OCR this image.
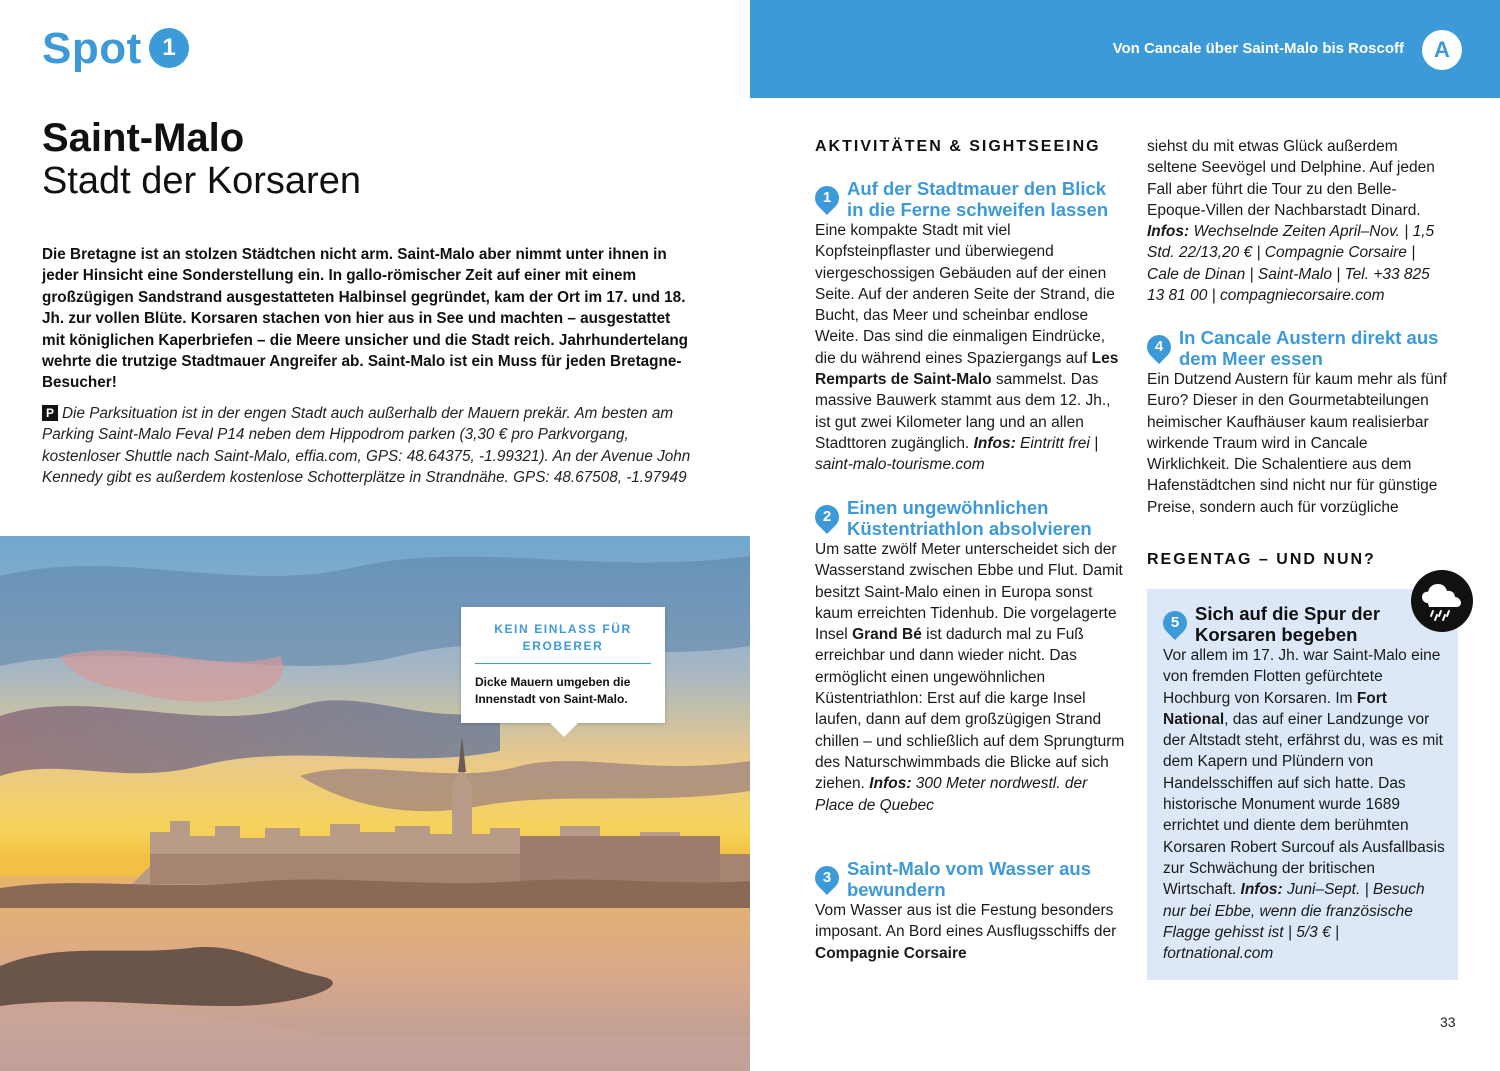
Spot 1
Saint-Malo
Stadt der Korsaren

Die Bretagne ist an stolzen Städtchen nicht arm. Saint-Malo aber nimmt unter ihnen in jeder Hinsicht eine Sonderstellung ein. In gallo-römischer Zeit auf einer mit einem großzügigen Sandstrand ausgestatteten Halbinsel gegründet, kam der Ort im 17. und 18. Jh. zur vollen Blüte. Korsaren stachen von hier aus in See und machten – ausgestattet mit königlichen Kaperbriefen – die Meere unsicher und die Stadt reich. Jahrhundertelang wehrte die trutzige Stadtmauer Angreifer ab. Saint-Malo ist ein Muss für jeden Bretagne-Besucher!

P Die Parksituation ist in der engen Stadt auch außerhalb der Mauern prekär. Am besten am Parking Saint-Malo Feval P14 neben dem Hippodrom parken (3,30 € pro Parkvorgang, kostenloser Shuttle nach Saint-Malo, effia.com, GPS: 48.64375, -1.99321). An der Avenue John Kennedy gibt es außerdem kostenlose Schotterplätze in Strandnähe. GPS: 48.67508, -1.97949

KEIN EINLASS FÜR EROBERER
Dicke Mauern umgeben die Innenstadt von Saint-Malo.
Von Cancale über Saint-Malo bis Roscoff	A
AKTIVITÄTEN & SIGHTSEEING
1 Auf der Stadtmauer den Blick in die Ferne schweifen lassen
Eine kompakte Stadt mit viel Kopfsteinpflaster und überwiegend viergeschossigen Gebäuden auf der einen Seite. Auf der anderen Seite der Strand, die Bucht, das Meer und scheinbar endlose Weite. Das sind die einmaligen Eindrücke, die du während eines Spaziergangs auf Les Remparts de Saint-Malo sammelst. Das massive Bauwerk stammt aus dem 12. Jh., ist gut zwei Kilometer lang und an allen Stadttoren zugänglich. Infos: Eintritt frei | saint-malo-tourisme.com
2 Einen ungewöhnlichen Küstentriathlon absolvieren
Um satte zwölf Meter unterscheidet sich der Wasserstand zwischen Ebbe und Flut. Damit besitzt Saint-Malo einen in Europa sonst kaum erreichten Tidenhub. Die vorgelagerte Insel Grand Bé ist dadurch mal zu Fuß erreichbar und dann wieder nicht. Das ermöglicht einen ungewöhnlichen Küstentriathlon: Erst auf die karge Insel laufen, dann auf dem großzügigen Strand chillen – und schließlich auf dem Sprungturm des Naturschwimmbads die Blicke auf sich ziehen. Infos: 300 Meter nordwestl. der Place de Quebec
3 Saint-Malo vom Wasser aus bewundern
Vom Wasser aus ist die Festung besonders imposant. An Bord eines Ausflugsschiffs der Compagnie Corsaire
siehst du mit etwas Glück außerdem seltene Seevögel und Delphine. Auf jeden Fall aber führt die Tour zu den Belle-Epoque-Villen der Nachbarstadt Dinard. Infos: Wechselnde Zeiten April–Nov. | 1,5 Std. 22/13,20 € | Compagnie Corsaire | Cale de Dinan | Saint-Malo | Tel. +33 825 13 81 00 | compagniecorsaire.com
4 In Cancale Austern direkt aus dem Meer essen
Ein Dutzend Austern für kaum mehr als fünf Euro? Dieser in den Gourmetabteilungen heimischer Kaufhäuser kaum realisierbar wirkende Traum wird in Cancale Wirklichkeit. Die Schalentiere aus dem Hafenstädtchen sind nicht nur für günstige Preise, sondern auch für vorzügliche
REGENTAG – UND NUN?
5 Sich auf die Spur der Korsaren begeben
Vor allem im 17. Jh. war Saint-Malo eine von fremden Flotten gefürchtete Hochburg von Korsaren. Im Fort National, das auf einer Landzunge vor der Altstadt steht, erfährst du, was es mit dem Kapern und Plündern von Handelsschiffen auf sich hatte. Das historische Monument wurde 1689 errichtet und diente dem berühmten Korsaren Robert Surcouf als Ausfallbasis zur Schwächung der britischen Wirtschaft. Infos: Juni–Sept. | Besuch nur bei Ebbe, wenn die französische Flagge gehisst ist | 5/3 € | fortnational.com
33
